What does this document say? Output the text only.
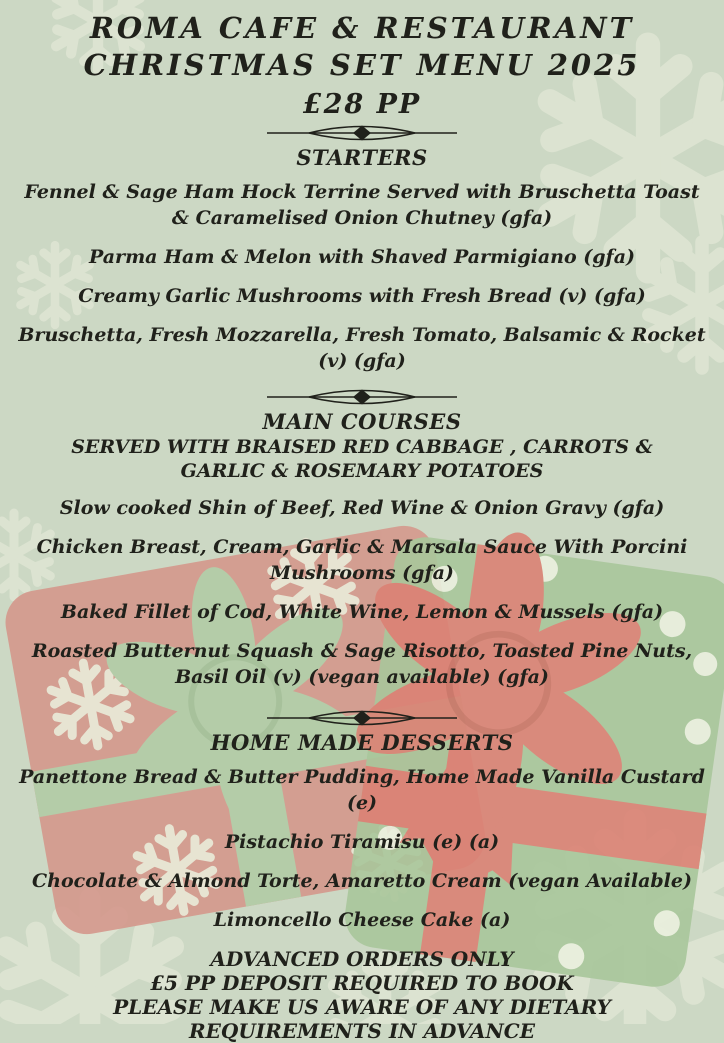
ROMA CAFE & RESTAURANT
CHRISTMAS SET MENU 2025
£28 PP
STARTERS

Fennel & Sage Ham Hock Terrine Served with Bruschetta Toast & Caramelised Onion Chutney (gfa)

Parma Ham & Melon with Shaved Parmigiano (gfa)

Creamy Garlic Mushrooms with Fresh Bread (v) (gfa)

Bruschetta, Fresh Mozzarella, Fresh Tomato, Balsamic & Rocket (v) (gfa)

MAIN COURSES

SERVED WITH BRAISED RED CABBAGE , CARROTS & GARLIC & ROSEMARY POTATOES

Slow cooked Shin of Beef, Red Wine & Onion Gravy (gfa)

Chicken Breast, Cream, Garlic & Marsala Sauce With Porcini Mushrooms (gfa)

Baked Fillet of Cod, White Wine, Lemon & Mussels (gfa)

Roasted Butternut Squash & Sage Risotto, Toasted Pine Nuts, Basil Oil (v) (vegan available) (gfa)

HOME MADE DESSERTS

Panettone Bread & Butter Pudding, Home Made Vanilla Custard (e)

Pistachio Tiramisu (e) (a)

Chocolate & Almond Torte, Amaretto Cream (vegan Available)

Limoncello Cheese Cake (a)

ADVANCED ORDERS ONLY

£5 PP DEPOSIT REQUIRED TO BOOK

PLEASE MAKE US AWARE OF ANY DIETARY REQUIREMENTS IN ADVANCE
